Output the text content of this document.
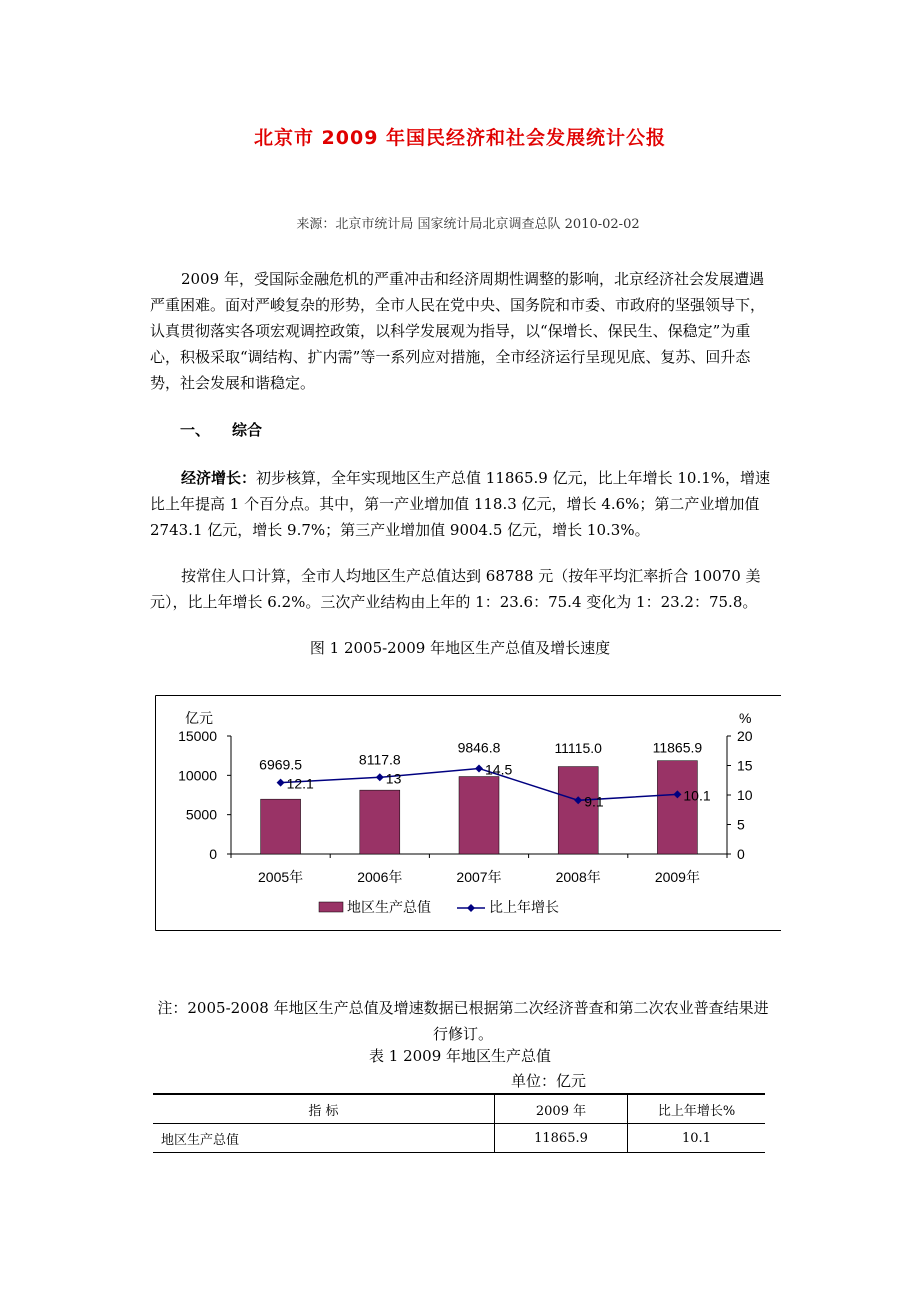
北京市 2009 年国民经济和社会发展统计公报
来源：北京市统计局 国家统计局北京调查总队 2010-02-02

2009 年，受国际金融危机的严重冲击和经济周期性调整的影响，北京经济社会发展遭遇严重困难。面对严峻复杂的形势，全市人民在党中央、国务院和市委、市政府的坚强领导下，认真贯彻落实各项宏观调控政策，以科学发展观为指导，以“保增长、保民生、保稳定”为重心，积极采取“调结构、扩内需”等一系列应对措施，全市经济运行呈现见底、复苏、回升态势，社会发展和谐稳定。

一、 综合

经济增长：初步核算，全年实现地区生产总值 11865.9 亿元，比上年增长 10.1%，增速比上年提高 1 个百分点。其中，第一产业增加值 118.3 亿元，增长 4.6%；第二产业增加值 2743.1 亿元，增长 9.7%；第三产业增加值 9004.5 亿元，增长 10.3%。

按常住人口计算，全市人均地区生产总值达到 68788 元（按年平均汇率折合 10070 美元），比上年增长 6.2%。三次产业结构由上年的 1：23.6：75.4 变化为 1：23.2：75.8。

图 1 2005-2009 年地区生产总值及增长速度
亿元	%
0
5000
10000
15000
0
5
10
15
20
2005年	2006年	2007年	2008年	2009年
6969.5	8117.8
9846.8	11115.0	11865.9
12.1	13
14.5
9.1	10.1
地区生产总值	比上年增长
注：2005-2008 年地区生产总值及增速数据已根据第二次经济普查和第二次农业普查结果进行修订。
表 1 2009 年地区生产总值
单位：亿元
指 标	2009 年	比上年增长%
地区生产总值	11865.9	10.1
